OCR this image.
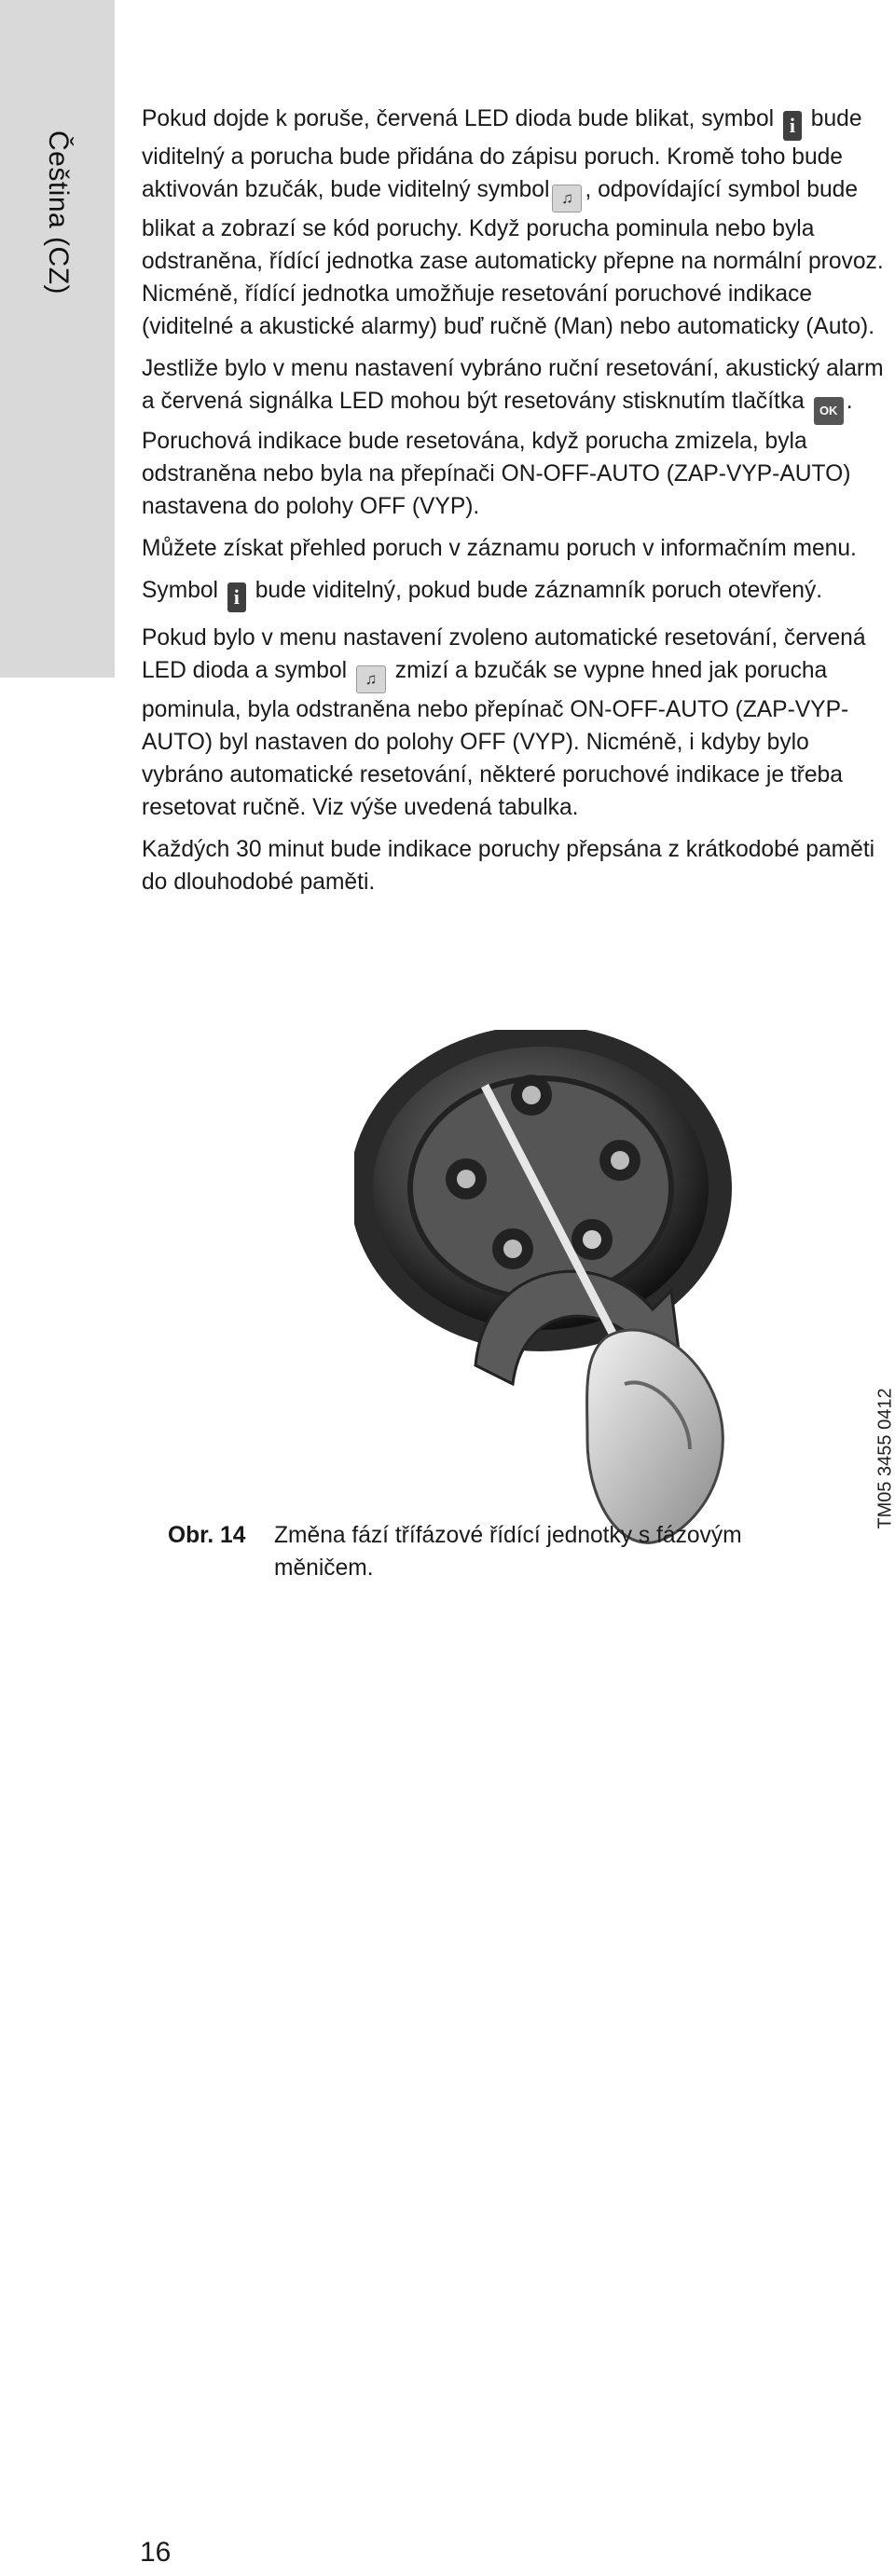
Čeština (CZ)

Pokud dojde k poruše, červená LED dioda bude blikat, symbol i bude viditelný a porucha bude přidána do zápisu poruch. Kromě toho bude aktivován bzučák, bude viditelný symbol ♫ , odpovídající symbol bude blikat a zobrazí se kód poruchy. Když porucha pominula nebo byla odstraněna, řídící jednotka zase automaticky přepne na normální provoz. Nicméně, řídící jednotka umožňuje resetování poruchové indikace (viditelné a akustické alarmy) buď ručně (Man) nebo automaticky (Auto).

Jestliže bylo v menu nastavení vybráno ruční resetování, akustický alarm a červená signálka LED mohou být resetovány stisknutím tlačítka OK . Poruchová indikace bude resetována, když porucha zmizela, byla odstraněna nebo byla na přepínači ON-OFF-AUTO (ZAP-VYP-AUTO) nastavena do polohy OFF (VYP).

Můžete získat přehled poruch v záznamu poruch v informačním menu.

Symbol i bude viditelný, pokud bude záznamník poruch otevřený.

Pokud bylo v menu nastavení zvoleno automatické resetování, červená LED dioda a symbol ♫ zmizí a bzučák se vypne hned jak porucha pominula, byla odstraněna nebo přepínač ON-OFF-AUTO (ZAP-VYP-AUTO) byl nastaven do polohy OFF (VYP). Nicméně, i kdyby bylo vybráno automatické resetování, některé poruchové indikace je třeba resetovat ručně. Viz výše uvedená tabulka.

Každých 30 minut bude indikace poruchy přepsána z krátkodobé paměti do dlouhodobé paměti.

TM05 3455 0412
Obr. 14 Změna fází třífázové řídící jednotky s fázovým měničem.
16
